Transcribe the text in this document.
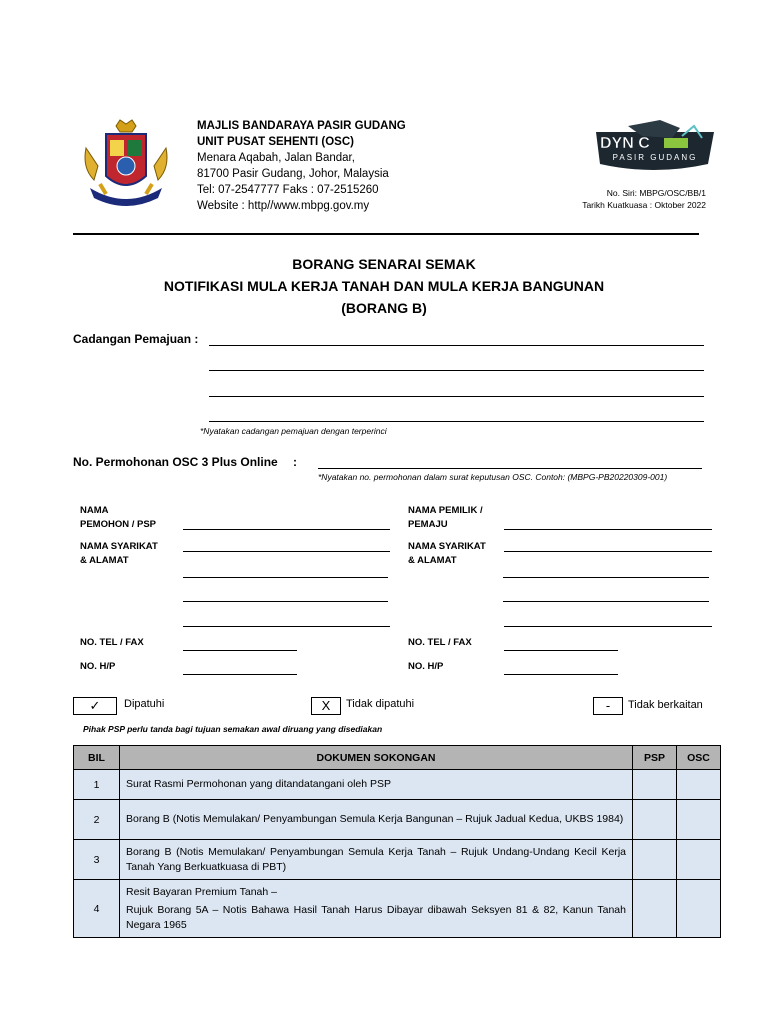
MAJLIS BANDARAYA PASIR GUDANG
UNIT PUSAT SEHENTI (OSC)
Menara Aqabah, Jalan Bandar,
81700 Pasir Gudang, Johor, Malaysia
Tel: 07-2547777 Faks : 07-2515260
Website : http//www.mbpg.gov.my
DYN C
PASIR GUDANG
No. Siri: MBPG/OSC/BB/1
Tarikh Kuatkuasa : Oktober 2022
BORANG SENARAI SEMAK
NOTIFIKASI MULA KERJA TANAH DAN MULA KERJA BANGUNAN
(BORANG B)
Cadangan Pemajuan :
*Nyatakan cadangan pemajuan dengan terperinci
No. Permohonan OSC 3 Plus Online :
*Nyatakan no. permohonan dalam surat keputusan OSC. Contoh: (MBPG-PB20220309-001)
NAMA
PEMOHON / PSP
NAMA SYARIKAT
& ALAMAT
NO. TEL / FAX
NO. H/P
NAMA PEMILIK /
PEMAJU
NAMA SYARIKAT
& ALAMAT
NO. TEL / FAX
NO. H/P
✓	Dipatuhi	X	Tidak dipatuhi	-	Tidak berkaitan
Pihak PSP perlu tanda bagi tujuan semakan awal diruang yang disediakan
BIL	DOKUMEN SOKONGAN	PSP	OSC
1	Surat Rasmi Permohonan yang ditandatangani oleh PSP		
2	Borang B (Notis Memulakan/ Penyambungan Semula Kerja Bangunan – Rujuk Jadual Kedua, UKBS 1984)		
3	Borang B (Notis Memulakan/ Penyambungan Semula Kerja Tanah – Rujuk Undang-Undang Kecil Kerja Tanah Yang Berkuatkuasa di PBT)		
4	Resit Bayaran Premium Tanah –
Rujuk Borang 5A – Notis Bahawa Hasil Tanah Harus Dibayar dibawah Seksyen 81 & 82, Kanun Tanah Negara 1965		
